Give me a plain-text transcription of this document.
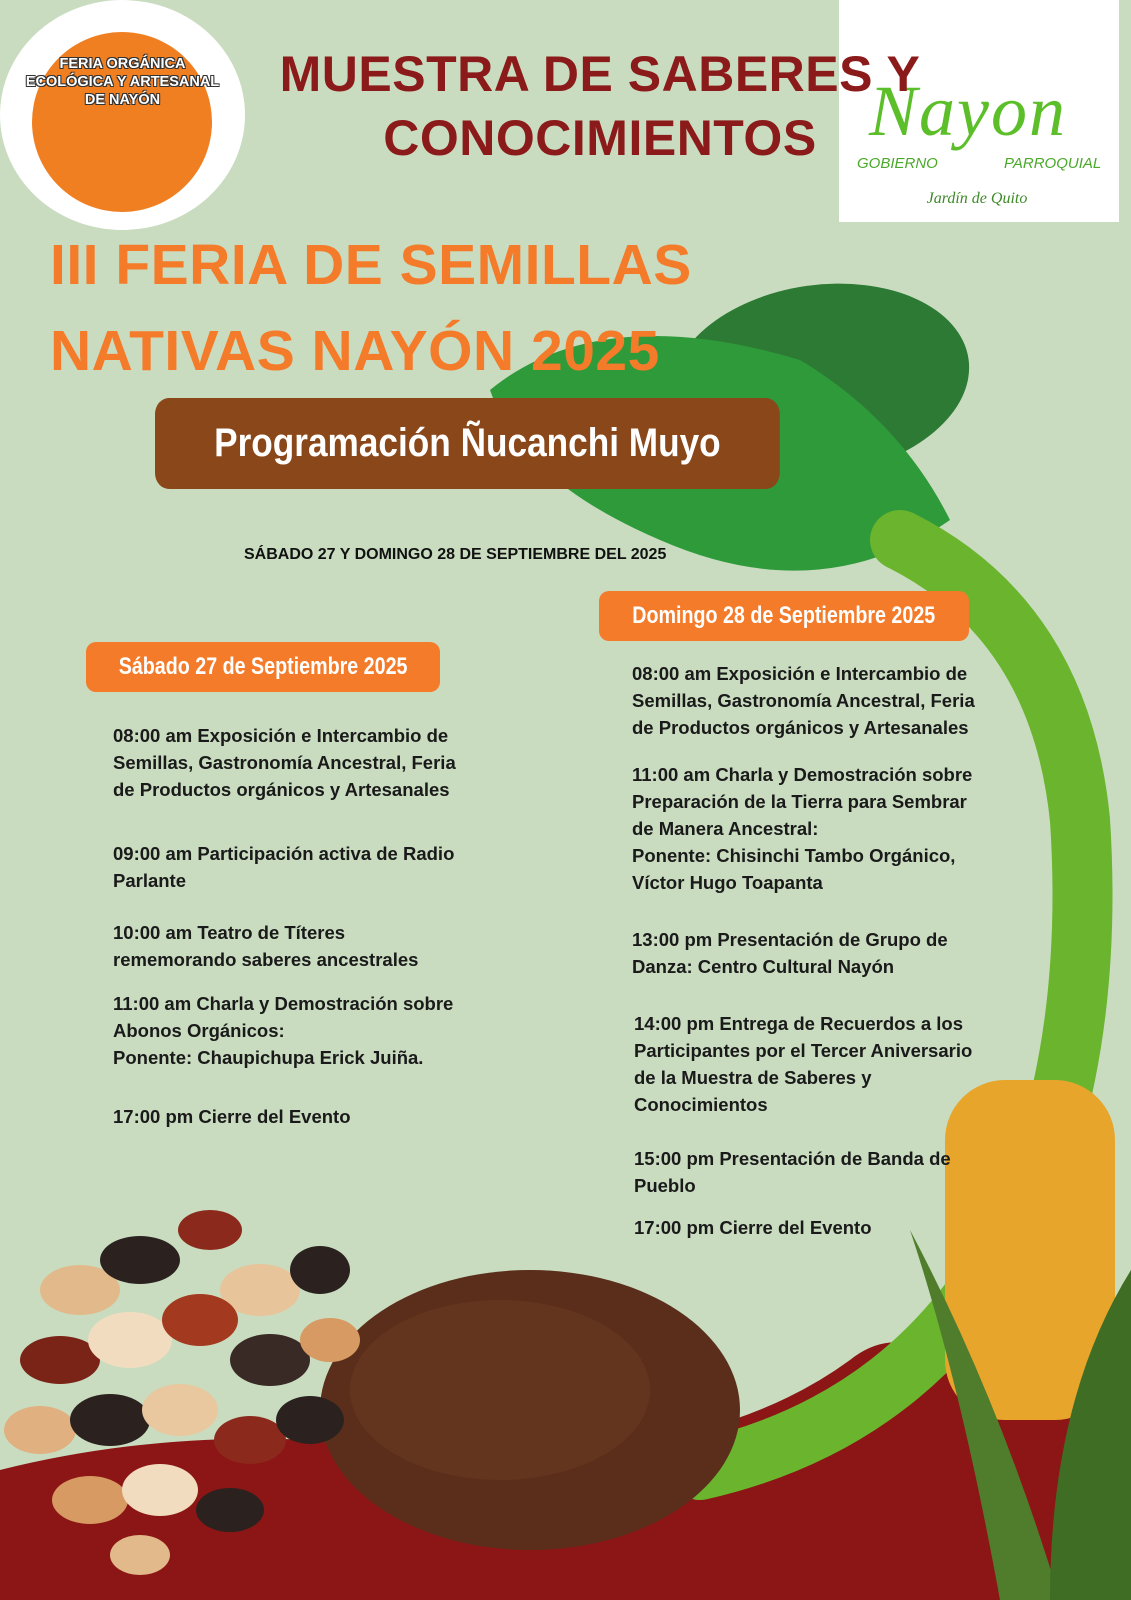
FERIA ORGÁNICA
ECOLÓGICA Y ARTESANAL
DE NAYÓN	Nayon
GOBIERNO	PARROQUIAL
Jardín de Quito
MUESTRA DE SABERES Y
CONOCIMIENTOS
III FERIA DE SEMILLAS
NATIVAS NAYÓN 2025
Programación Ñucanchi Muyo
SÁBADO 27 Y DOMINGO 28 DE SEPTIEMBRE DEL 2025
Sábado 27 de Septiembre 2025
Domingo 28 de Septiembre 2025
08:00 am Exposición e Intercambio de
Semillas, Gastronomía Ancestral, Feria
de Productos orgánicos y Artesanales
09:00 am Participación activa de Radio
Parlante
10:00 am Teatro de Títeres
rememorando saberes ancestrales
11:00 am Charla y Demostración sobre
Abonos Orgánicos:
Ponente: Chaupichupa Erick Juiña.
17:00 pm Cierre del Evento
08:00 am Exposición e Intercambio de
Semillas, Gastronomía Ancestral, Feria
de Productos orgánicos y Artesanales
11:00 am Charla y Demostración sobre
Preparación de la Tierra para Sembrar
de Manera Ancestral:
Ponente: Chisinchi Tambo Orgánico,
Víctor Hugo Toapanta
13:00 pm Presentación de Grupo de
Danza: Centro Cultural Nayón
14:00 pm Entrega de Recuerdos a los
Participantes por el Tercer Aniversario
de la Muestra de Saberes y
Conocimientos
15:00 pm Presentación de Banda de
Pueblo
17:00 pm Cierre del Evento
